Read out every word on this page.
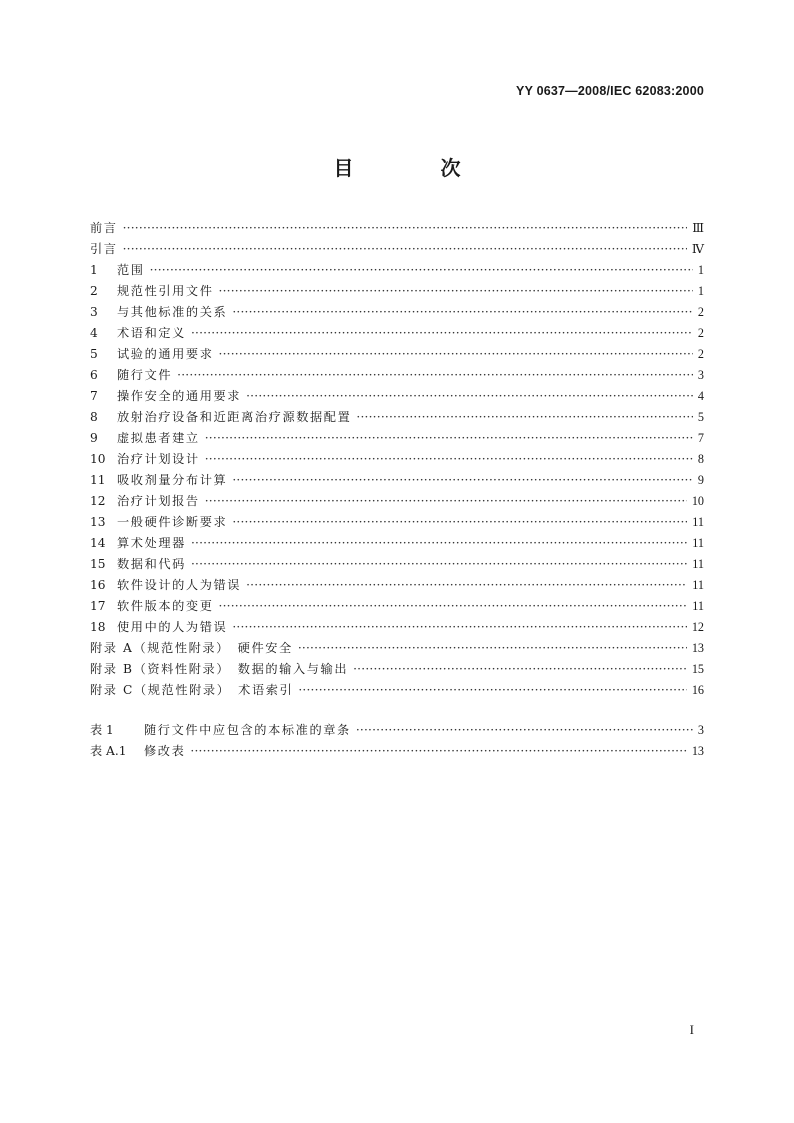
YY 0637—2008/IEC 62083:2000
目 次
前言 ·····	Ⅲ
引言 ·····	Ⅳ
1	范围 ·····	1
2	规范性引用文件 ·····	1
3	与其他标准的关系 ·····	2
4	术语和定义 ·····	2
5	试验的通用要求 ·····	2
6	随行文件 ·····	3
7	操作安全的通用要求 ·····	4
8	放射治疗设备和近距离治疗源数据配置 ·····	5
9	虚拟患者建立 ·····	7
10 治疗计划设计 ·····	8
11 吸收剂量分布计算 ·····	9
12 治疗计划报告 ·····	10
13 一般硬件诊断要求 ·····	11
14 算术处理器 ·····	11
15 数据和代码 ·····	11
16 软件设计的人为错误 ·····	11
17 软件版本的变更 ·····	11
18 使用中的人为错误 ·····	12
附录 A（规范性附录）　硬件安全 ·····	13
附录 B（资料性附录）　数据的输入与输出 ·····	15
附录 C（规范性附录）　术语索引 ·····	16
表 1	随行文件中应包含的本标准的章条 ·····	3
表 A.1	修改表 ·····	13
I
